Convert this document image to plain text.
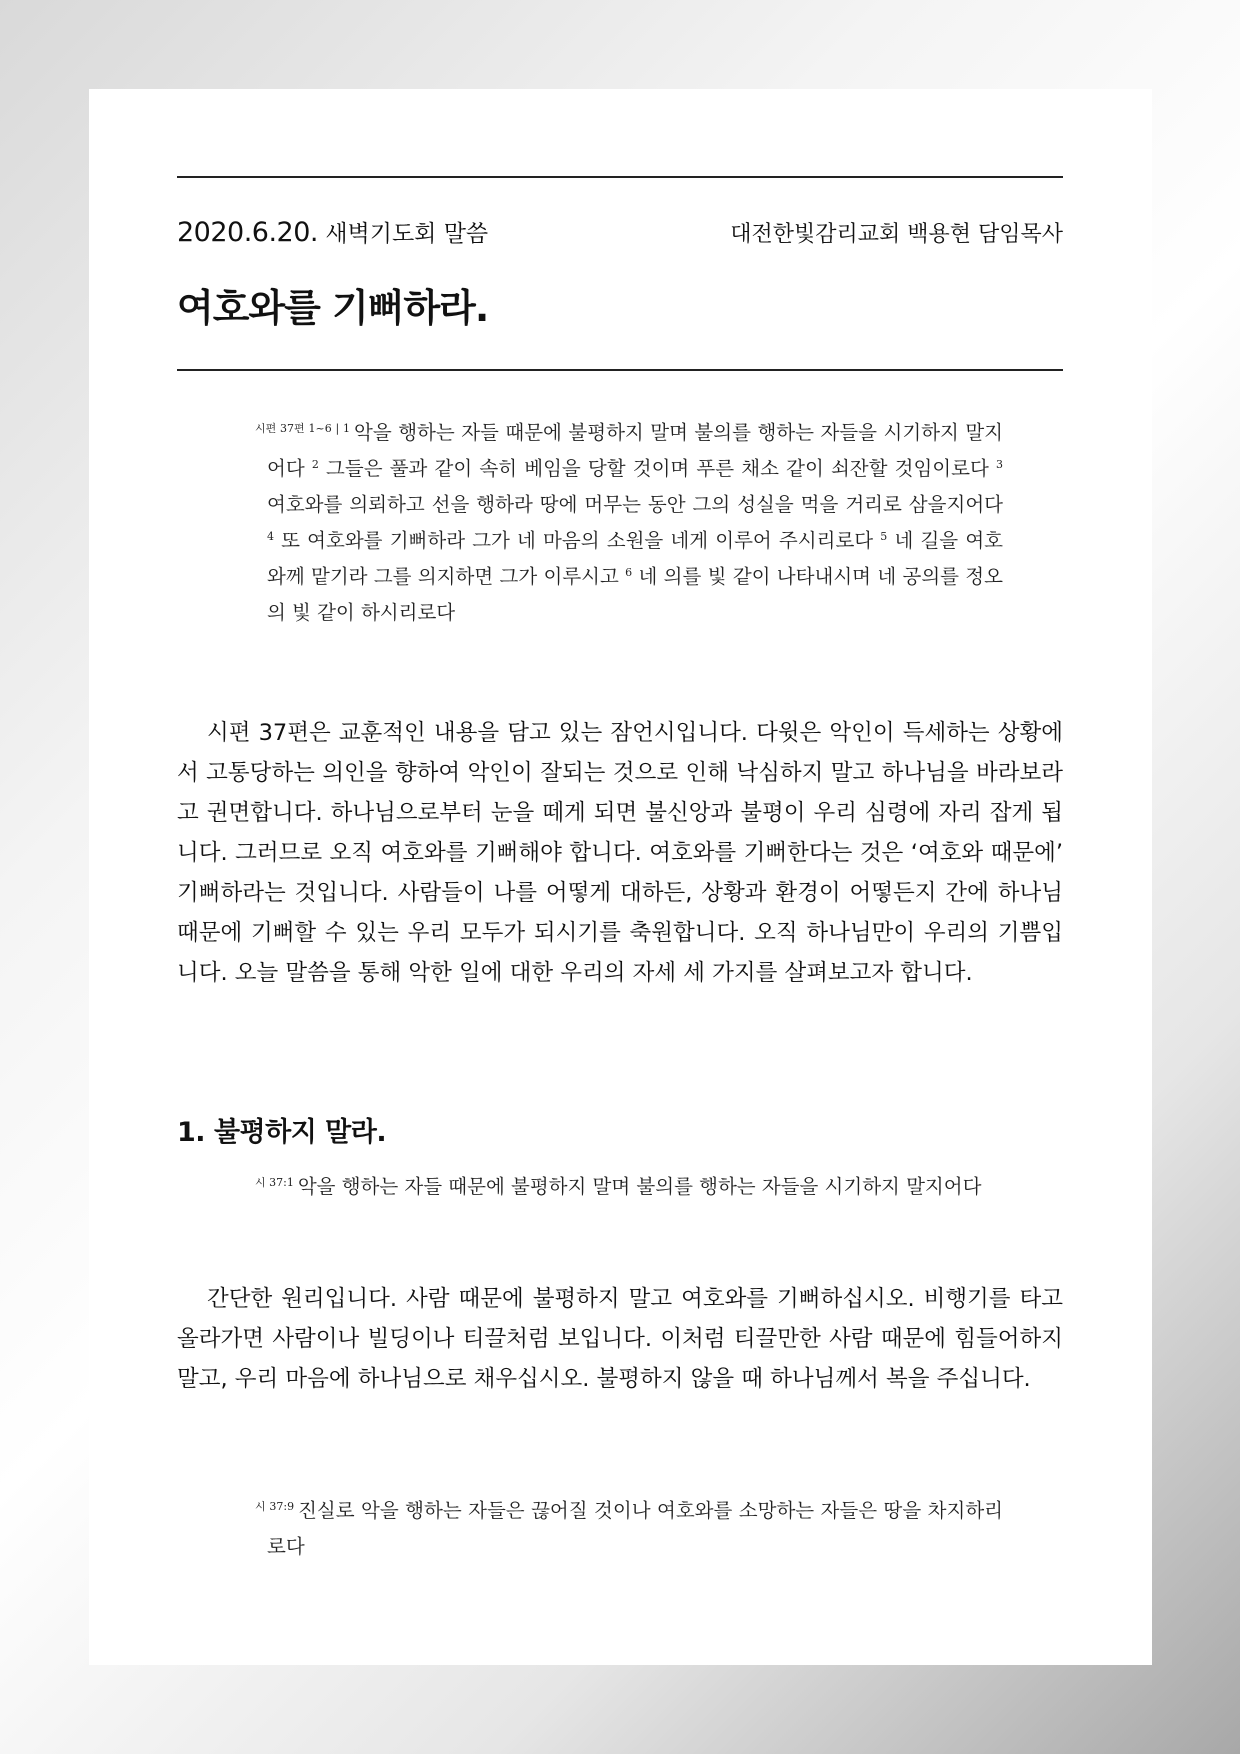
2020.6.20. 새벽기도회 말씀	대전한빛감리교회 백용현 담임목사
여호와를 기뻐하라.
$^{시편 37편 1\sim 6 | 1}$ 악을 행하는 자들 때문에 불평하지 말며 불의를 행하는 자들을 시기하지 말지어다 $^2$ 그들은 풀과 같이 속히 베임을 당할 것이며 푸른 채소 같이 쇠잔할 것임이로다 $^3$ 여호와를 의뢰하고 선을 행하라 땅에 머무는 동안 그의 성실을 먹을 거리로 삼을지어다 $^4$ 또 여호와를 기뻐하라 그가 네 마음의 소원을 네게 이루어 주시리로다 $^5$ 네 길을 여호와께 맡기라 그를 의지하면 그가 이루시고 $^6$ 네 의를 빛 같이 나타내시며 네 공의를 정오의 빛 같이 하시리로다

시편 37편은 교훈적인 내용을 담고 있는 잠언시입니다. 다윗은 악인이 득세하는 상황에서 고통당하는 의인을 향하여 악인이 잘되는 것으로 인해 낙심하지 말고 하나님을 바라보라고 권면합니다. 하나님으로부터 눈을 떼게 되면 불신앙과 불평이 우리 심령에 자리 잡게 됩니다. 그러므로 오직 여호와를 기뻐해야 합니다. 여호와를 기뻐한다는 것은 ‘여호와 때문에’ 기뻐하라는 것입니다. 사람들이 나를 어떻게 대하든, 상황과 환경이 어떻든지 간에 하나님 때문에 기뻐할 수 있는 우리 모두가 되시기를 축원합니다. 오직 하나님만이 우리의 기쁨입니다. 오늘 말씀을 통해 악한 일에 대한 우리의 자세 세 가지를 살펴보고자 합니다.

1. 불평하지 말라.
$^{시 37:1}$ 악을 행하는 자들 때문에 불평하지 말며 불의를 행하는 자들을 시기하지 말지어다

간단한 원리입니다. 사람 때문에 불평하지 말고 여호와를 기뻐하십시오. 비행기를 타고 올라가면 사람이나 빌딩이나 티끌처럼 보입니다. 이처럼 티끌만한 사람 때문에 힘들어하지 말고, 우리 마음에 하나님으로 채우십시오. 불평하지 않을 때 하나님께서 복을 주십니다.

$^{시 37:9}$ 진실로 악을 행하는 자들은 끊어질 것이나 여호와를 소망하는 자들은 땅을 차지하리로다
